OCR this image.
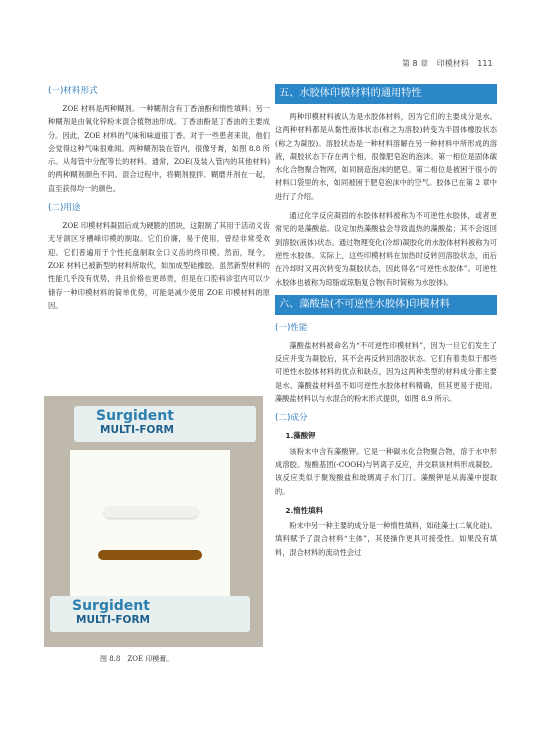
第 8 章 印模材料 111
(一)材料形式

ZOE 材料是两种糊剂。一种糊剂含有丁香油酚和惰性填料；另一种糊剂是由氧化锌粉末混合植物油形成。丁香油酚是丁香油的主要成分。因此，ZOE 材料的气味和味道很丁香。对于一些患者来说，他们会觉得这种气味很难闻。两种糊剂装在管内，很像牙膏，如图 8.8 所示。从每管中分配等长的材料。通常，ZOE(及装入管内的其他材料) 的两种糊剂颜色不同。混合过程中，将糊剂搅拌、糊磨并剂在一起，直至获得均一的颜色。

(二)用途

ZOE 印模材料凝固后成为硬脆的团块，这限制了其用于活动义齿无牙颌区牙槽峰印模的制取。它们价廉，易于使用，曾经非常受欢迎。它们普遍用于个性托盘制取全口义齿的终印模。然而，现今，ZOE 材料已被新型的材料所取代，如加成型硅橡胶。虽然新型材料的性能几乎没有优势，并且价格也更昂贵，但是在口腔科诊室内可以少储存一种印模材料的简单优势，可能是减少使用 ZOE 印模材料的原因。

Surgident
MULTI-FORM
Surgident
MULTI-FORM
图 8.8　ZOE 印模膏。
五、水胶体印模材料的通用特性

两种印模材料被认为是水胶体材料，因为它们的主要成分是水。这两种材料都是从黏性液体状态(称之为溶胶)转变为半固体橡胶状态(称之为凝胶)。溶胶状态是一种材料溶解在另一种材料中所形成的溶液，凝胶状态下存在两个相，很像肥皂泡的泡沫。第一相位是固体碳水化合物聚合物网，如同制造泡沫的肥皂。第二相位是被困于很小的材料口袋里的水，如同被困于肥皂泡沫中的空气。胶体已在第 2 章中进行了介绍。

通过化学反应凝固的水胶体材料被称为不可逆性水胶体，或者更常见的是藻酸盐。设定加热藻酸盐会导致温热的藻酸盐；其不会返回到溶胶(液体)状态。通过物理变化(冷却)凝胶化的水胶体材料被称为可逆性水胶体。实际上，这些印模材料在加热时反转回溶胶状态，而后在冷却时又再次转变为凝胶状态，因此得名“可逆性水胶体”。可逆性水胶体也被称为琼脂或琼脂复合物(有时简称为水胶体)。

六、藻酸盐(不可逆性水胶体)印模材料
(一)性能

藻酸盐材料被命名为“不可逆性印模材料”，因为一旦它们发生了反应并变为凝胶后，其不会再反转回溶胶状态。它们有着类似于那些可逆性水胶体材料的优点和缺点，因为这两种类型的材料成分都主要是水。藻酸盐材料虽不如可逆性水胶体材料精确，但其更易于使用。藻酸盐材料以与水混合的粉末形式提供，如图 8.9 所示。

(二)成分
1.藻酸钾

该粉末中含有藻酸钾。它是一种碳水化合物聚合物，溶于水中形成溶胶。羧酸基团(-COOH)与钙离子反应，并交联该材料形成凝胶。该反应类似于聚羧酸盐和玻璃离子水门汀。藻酸钾是从海藻中提取的。

2.惰性填料

粉末中另一种主要的成分是一种惰性填料，如硅藻土(二氧化硅)。填料赋予了混合材料“主体”，其使操作更具可接受性。如果没有填料，混合材料的流动性会过
